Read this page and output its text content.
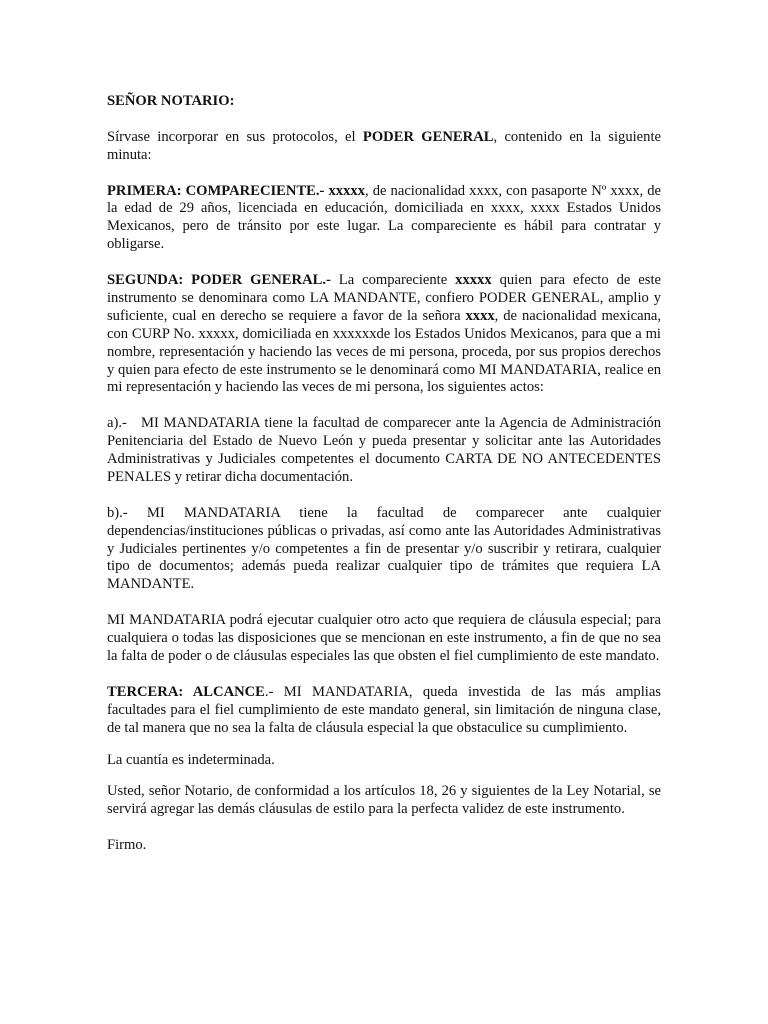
SEÑOR NOTARIO:

Sírvase incorporar en sus protocolos, el PODER GENERAL, contenido en la siguiente minuta:

PRIMERA: COMPARECIENTE.- xxxxx, de nacionalidad xxxx, con pasaporte Nº xxxx, de la edad de 29 años, licenciada en educación, domiciliada en xxxx, xxxx Estados Unidos Mexicanos, pero de tránsito por este lugar. La compareciente es hábil para contratar y obligarse.

SEGUNDA: PODER GENERAL.- La compareciente xxxxx quien para efecto de este instrumento se denominara como LA MANDANTE, confiero PODER GENERAL, amplio y suficiente, cual en derecho se requiere a favor de la señora xxxx, de nacionalidad mexicana, con CURP No. xxxxx, domiciliada en xxxxxxde los Estados Unidos Mexicanos, para que a mi nombre, representación y haciendo las veces de mi persona, proceda, por sus propios derechos y quien para efecto de este instrumento se le denominará como MI MANDATARIA, realice en mi representación y haciendo las veces de mi persona, los siguientes actos:

a).-   MI MANDATARIA tiene la facultad de comparecer ante la Agencia de Administración Penitenciaria del Estado de Nuevo León y pueda presentar y solicitar ante las Autoridades Administrativas y Judiciales competentes el documento CARTA DE NO ANTECEDENTES PENALES y retirar dicha documentación.

b).- MI MANDATARIA tiene la facultad de comparecer ante cualquier dependencias/instituciones públicas o privadas, así como ante las Autoridades Administrativas y Judiciales pertinentes y/o competentes a fin de presentar y/o suscribir y retirara, cualquier tipo de documentos; además pueda realizar cualquier tipo de trámites que requiera LA MANDANTE.

MI MANDATARIA podrá ejecutar cualquier otro acto que requiera de cláusula especial; para cualquiera o todas las disposiciones que se mencionan en este instrumento, a fin de que no sea la falta de poder o de cláusulas especiales las que obsten el fiel cumplimiento de este mandato.

TERCERA: ALCANCE.- MI MANDATARIA, queda investida de las más amplias facultades para el fiel cumplimiento de este mandato general, sin limitación de ninguna clase, de tal manera que no sea la falta de cláusula especial la que obstaculice su cumplimiento.

La cuantía es indeterminada.

Usted, señor Notario, de conformidad a los artículos 18, 26 y siguientes de la Ley Notarial, se servirá agregar las demás cláusulas de estilo para la perfecta validez de este instrumento.

Firmo.
